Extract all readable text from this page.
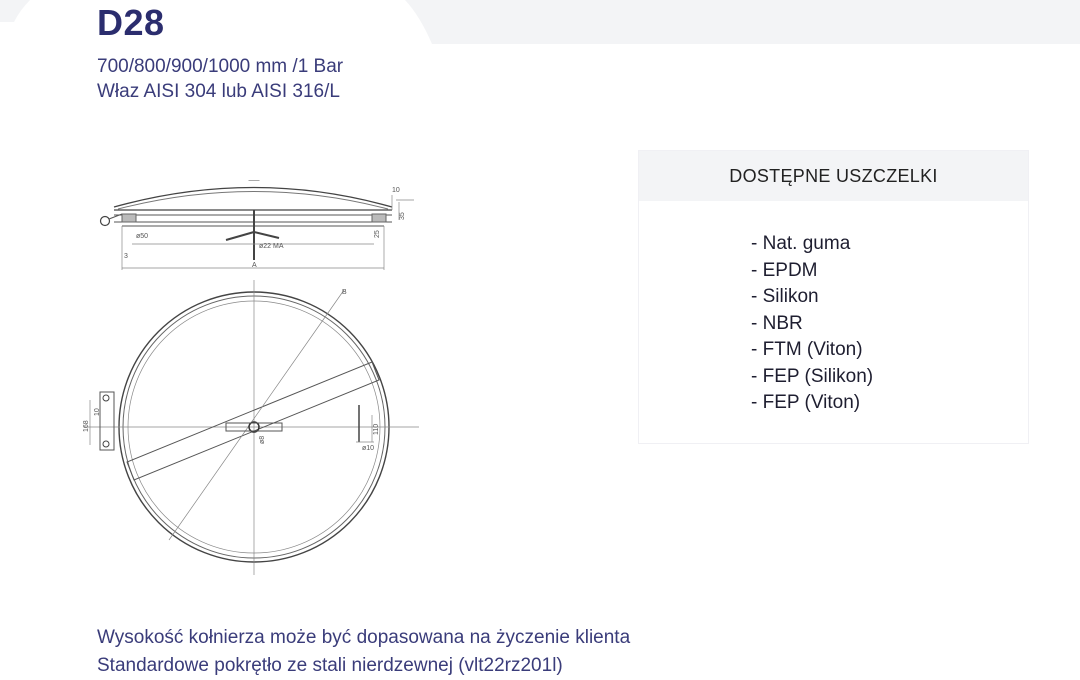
D28
700/800/900/1000 mm /1 Bar
Właz AISI 304 lub AISI 316/L
ø50
ø22 MA
3
A
10
35
25
B
168
10
ø8
ø10
110
DOSTĘPNE USZCZELKI
- Nat. guma
- EPDM
- Silikon
- NBR
- FTM (Viton)
- FEP (Silikon)
- FEP (Viton)
Wysokość kołnierza może być dopasowana na życzenie klienta
Standardowe pokrętło ze stali nierdzewnej (vlt22rz201l)
